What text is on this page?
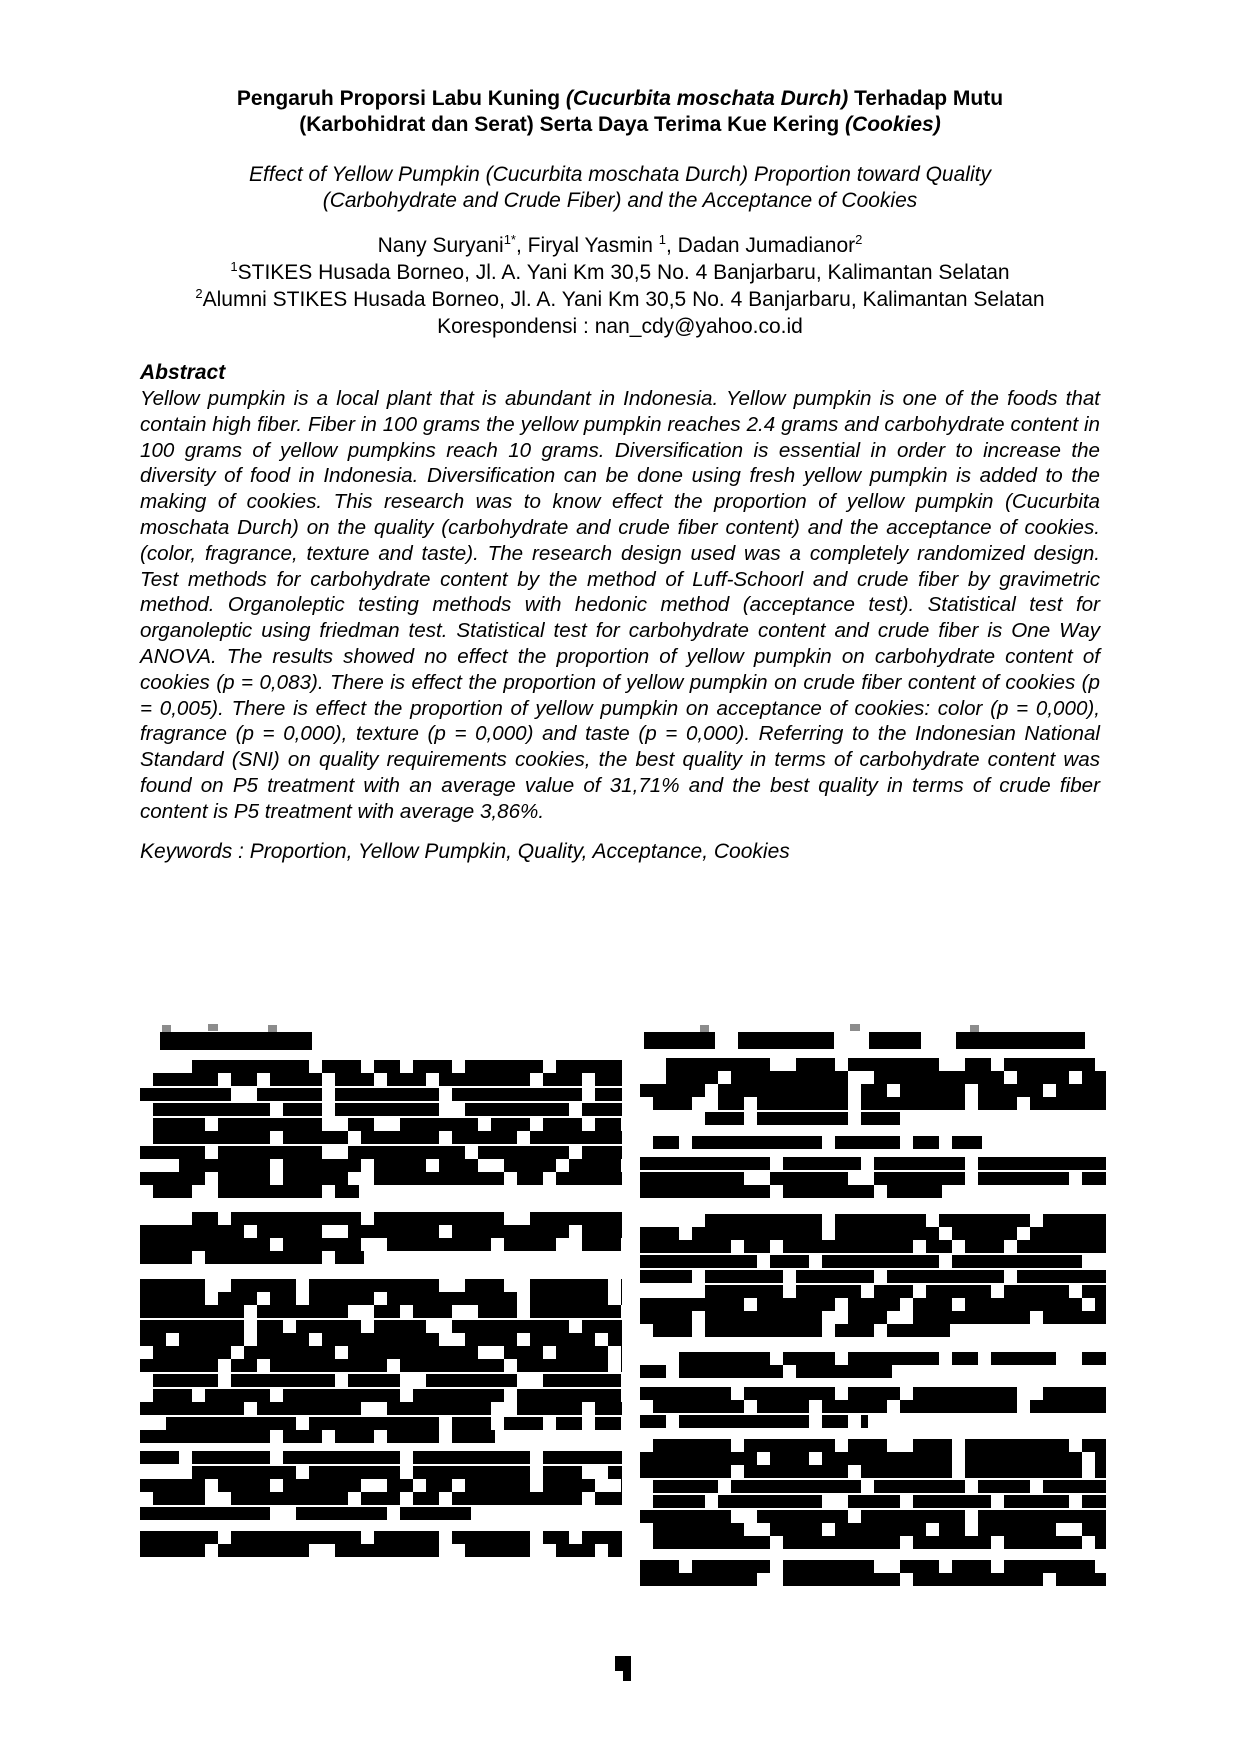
Pengaruh Proporsi Labu Kuning (Cucurbita moschata Durch) Terhadap Mutu
(Karbohidrat dan Serat) Serta Daya Terima Kue Kering (Cookies)
Effect of Yellow Pumpkin (Cucurbita moschata Durch) Proportion toward Quality
(Carbohydrate and Crude Fiber) and the Acceptance of Cookies
Nany Suryani$^{1*}$, Firyal Yasmin $^1$, Dadan Jumadianor$^2$
$^1$STIKES Husada Borneo, Jl. A. Yani Km 30,5 No. 4 Banjarbaru, Kalimantan Selatan
$^2$Alumni STIKES Husada Borneo, Jl. A. Yani Km 30,5 No. 4 Banjarbaru, Kalimantan Selatan
Korespondensi : nan_cdy@yahoo.co.id
Abstract
Yellow pumpkin is a local plant that is abundant in Indonesia. Yellow pumpkin is one of the foods that contain high fiber. Fiber in 100 grams the yellow pumpkin reaches 2.4 grams and carbohydrate content in 100 grams of yellow pumpkins reach 10 grams. Diversification is essential in order to increase the diversity of food in Indonesia. Diversification can be done using fresh yellow pumpkin is added to the making of cookies. This research was to know effect the proportion of yellow pumpkin (Cucurbita moschata Durch) on the quality (carbohydrate and crude fiber content) and the acceptance of cookies. (color, fragrance, texture and taste). The research design used was a completely randomized design. Test methods for carbohydrate content by the method of Luff-Schoorl and crude fiber by gravimetric method. Organoleptic testing methods with hedonic method (acceptance test). Statistical test for organoleptic using friedman test. Statistical test for carbohydrate content and crude fiber is One Way ANOVA. The results showed no effect the proportion of yellow pumpkin on carbohydrate content of cookies (p = 0,083). There is effect the proportion of yellow pumpkin on crude fiber content of cookies (p = 0,005). There is effect the proportion of yellow pumpkin on acceptance of cookies: color (p = 0,000), fragrance (p = 0,000), texture (p = 0,000) and taste (p = 0,000). Referring to the Indonesian National Standard (SNI) on quality requirements cookies, the best quality in terms of carbohydrate content was found on P5 treatment with an average value of 31,71% and the best quality in terms of crude fiber content is P5 treatment with average 3,86%.
Keywords : Proportion, Yellow Pumpkin, Quality, Acceptance, Cookies
